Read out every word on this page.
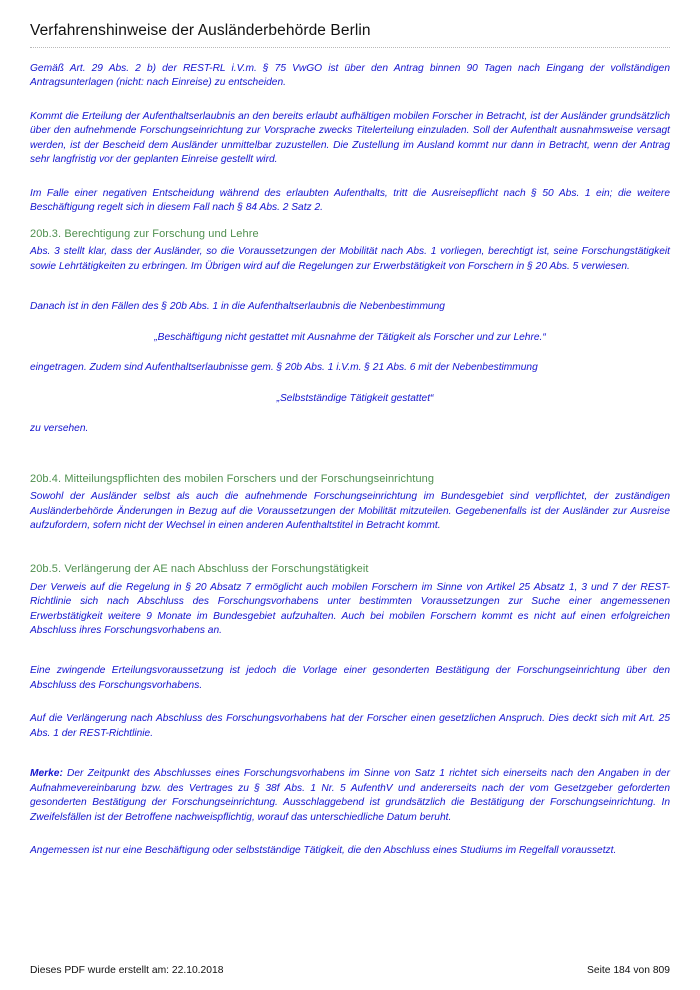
Verfahrenshinweise der Ausländerbehörde Berlin

Gemäß Art. 29 Abs. 2 b) der REST-RL i.V.m. § 75 VwGO ist über den Antrag binnen 90 Tagen nach Eingang der vollständigen Antragsunterlagen (nicht: nach Einreise) zu entscheiden.

Kommt die Erteilung der Aufenthaltserlaubnis an den bereits erlaubt aufhältigen mobilen Forscher in Betracht, ist der Ausländer grundsätzlich über den aufnehmende Forschungseinrichtung zur Vorsprache zwecks Titelerteilung einzuladen. Soll der Aufenthalt ausnahmsweise versagt werden, ist der Bescheid dem Ausländer unmittelbar zuzustellen. Die Zustellung im Ausland kommt nur dann in Betracht, wenn der Antrag sehr langfristig vor der geplanten Einreise gestellt wird.

Im Falle einer negativen Entscheidung während des erlaubten Aufenthalts, tritt die Ausreisepflicht nach § 50 Abs. 1 ein; die weitere Beschäftigung regelt sich in diesem Fall nach § 84 Abs. 2 Satz 2.

20b.3. Berechtigung zur Forschung und Lehre

Abs. 3 stellt klar, dass der Ausländer, so die Voraussetzungen der Mobilität nach Abs. 1 vorliegen, berechtigt ist, seine Forschungstätigkeit sowie Lehrtätigkeiten zu erbringen. Im Übrigen wird auf die Regelungen zur Erwerbstätigkeit von Forschern in § 20 Abs. 5 verwiesen.

Danach ist in den Fällen des § 20b Abs. 1 in die Aufenthaltserlaubnis die Nebenbestimmung

„Beschäftigung nicht gestattet mit Ausnahme der Tätigkeit als Forscher und zur Lehre.“

eingetragen. Zudem sind Aufenthaltserlaubnisse gem. § 20b Abs. 1 i.V.m. § 21 Abs. 6 mit der Nebenbestimmung

„Selbstständige Tätigkeit gestattet“

zu versehen.

20b.4. Mitteilungspflichten des mobilen Forschers und der Forschungseinrichtung

Sowohl der Ausländer selbst als auch die aufnehmende Forschungseinrichtung im Bundesgebiet sind verpflichtet, der zuständigen Ausländerbehörde Änderungen in Bezug auf die Voraussetzungen der Mobilität mitzuteilen. Gegebenenfalls ist der Ausländer zur Ausreise aufzufordern, sofern nicht der Wechsel in einen anderen Aufenthaltstitel in Betracht kommt.

20b.5. Verlängerung der AE nach Abschluss der Forschungstätigkeit

Der Verweis auf die Regelung in § 20 Absatz 7 ermöglicht auch mobilen Forschern im Sinne von Artikel 25 Absatz 1, 3 und 7 der REST-Richtlinie sich nach Abschluss des Forschungsvorhabens unter bestimmten Voraussetzungen zur Suche einer angemessenen Erwerbstätigkeit weitere 9 Monate im Bundesgebiet aufzuhalten. Auch bei mobilen Forschern kommt es nicht auf einen erfolgreichen Abschluss ihres Forschungsvorhabens an.

Eine zwingende Erteilungsvoraussetzung ist jedoch die Vorlage einer gesonderten Bestätigung der Forschungseinrichtung über den Abschluss des Forschungsvorhabens.

Auf die Verlängerung nach Abschluss des Forschungsvorhabens hat der Forscher einen gesetzlichen Anspruch. Dies deckt sich mit Art. 25 Abs. 1 der REST-Richtlinie.

Merke: Der Zeitpunkt des Abschlusses eines Forschungsvorhabens im Sinne von Satz 1 richtet sich einerseits nach den Angaben in der Aufnahmevereinbarung bzw. des Vertrages zu § 38f Abs. 1 Nr. 5 AufenthV und andererseits nach der vom Gesetzgeber geforderten gesonderten Bestätigung der Forschungseinrichtung. Ausschlaggebend ist grundsätzlich die Bestätigung der Forschungseinrichtung. In Zweifelsfällen ist der Betroffene nachweispflichtig, worauf das unterschiedliche Datum beruht.

Angemessen ist nur eine Beschäftigung oder selbstständige Tätigkeit, die den Abschluss eines Studiums im Regelfall voraussetzt.

Dieses PDF wurde erstellt am: 22.10.2018	Seite 184 von 809
